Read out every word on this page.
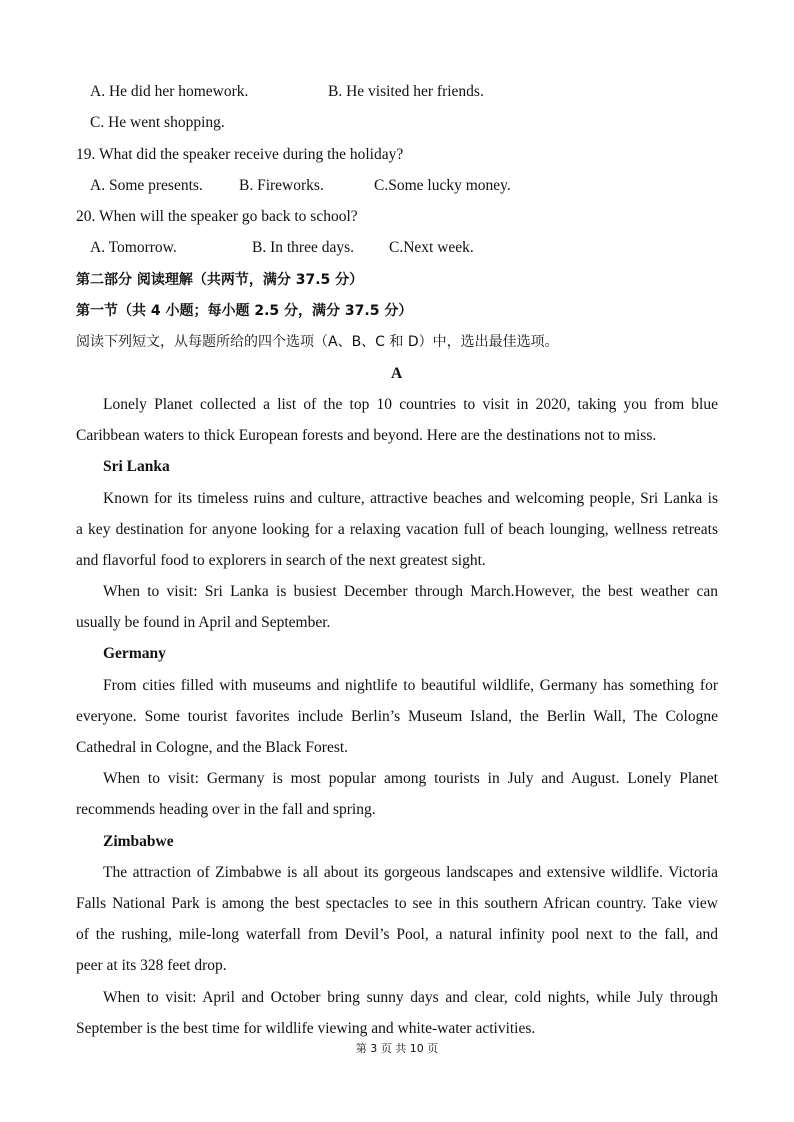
A. He did her homework.	B. He visited her friends.
C. He went shopping.
19. What did the speaker receive during the holiday?
A. Some presents. B. Fireworks.	C.Some lucky money.
20. When will the speaker go back to school?
A. Tomorrow.	B. In three days. C.Next week.
第二部分 阅读理解（共两节，满分 37.5 分）
第一节（共 4 小题；每小题 2.5 分，满分 37.5 分）
阅读下列短文，从每题所给的四个选项（A、B、C 和 D）中，选出最佳选项。
A
Lonely Planet collected a list of the top 10 countries to visit in 2020, taking you from blue
Caribbean waters to thick European forests and beyond. Here are the destinations not to miss.
Sri Lanka
Known for its timeless ruins and culture, attractive beaches and welcoming people, Sri Lanka is
a key destination for anyone looking for a relaxing vacation full of beach lounging, wellness retreats
and flavorful food to explorers in search of the next greatest sight.
When to visit: Sri Lanka is busiest December through March.However, the best weather can
usually be found in April and September.
Germany
From cities filled with museums and nightlife to beautiful wildlife, Germany has something for
everyone. Some tourist favorites include Berlin’s Museum Island, the Berlin Wall, The Cologne
Cathedral in Cologne, and the Black Forest.
When to visit: Germany is most popular among tourists in July and August. Lonely Planet
recommends heading over in the fall and spring.
Zimbabwe
The attraction of Zimbabwe is all about its gorgeous landscapes and extensive wildlife. Victoria
Falls National Park is among the best spectacles to see in this southern African country. Take view
of the rushing, mile-long waterfall from Devil’s Pool, a natural infinity pool next to the fall, and
peer at its 328 feet drop.
When to visit: April and October bring sunny days and clear, cold nights, while July through
September is the best time for wildlife viewing and white-water activities.
第 3 页 共 10 页
